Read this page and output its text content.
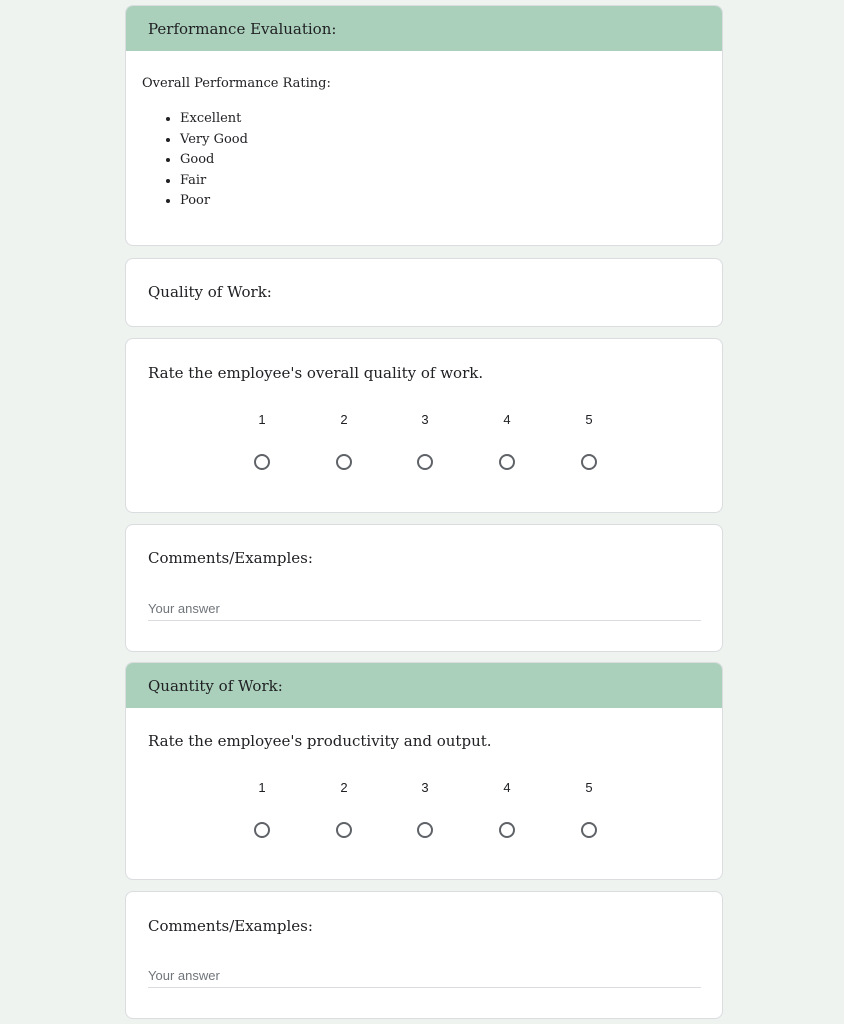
Performance Evaluation:
Overall Performance Rating:
Excellent
Very Good
Good
Fair
Poor
Quality of Work:
Rate the employee's overall quality of work.
1	2	3	4	5
Comments/Examples:
Your answer
Quantity of Work:
Rate the employee's productivity and output.
1	2	3	4	5
Comments/Examples:
Your answer
